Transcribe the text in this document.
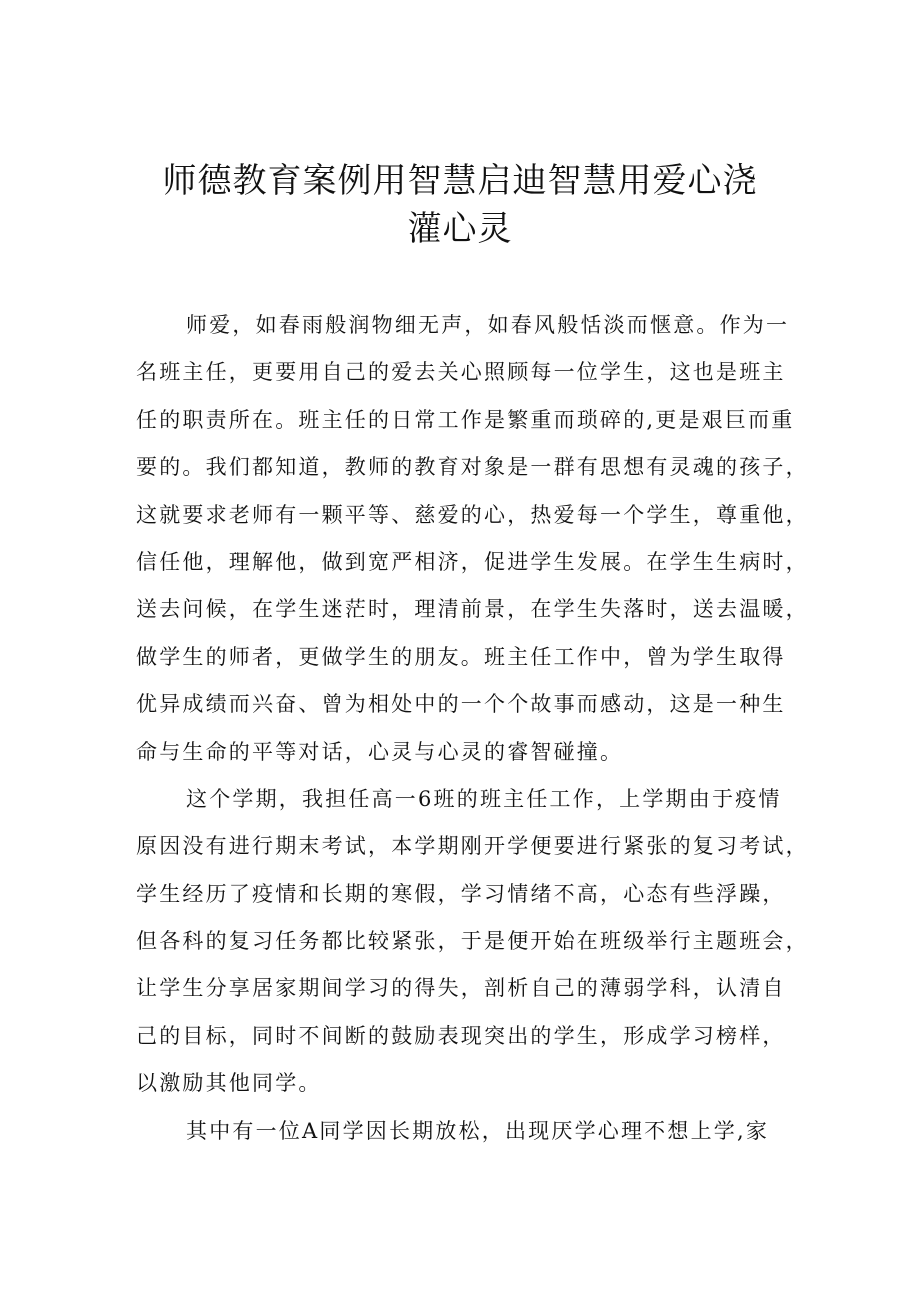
师德教育案例用智慧启迪智慧用爱心浇
灌心灵
师爱，如春雨般润物细无声，如春风般恬淡而惬意。作为一
名班主任，更要用自己的爱去关心照顾每一位学生，这也是班主
任的职责所在。班主任的日常工作是繁重而琐碎的,更是艰巨而重
要的。我们都知道，教师的教育对象是一群有思想有灵魂的孩子，
这就要求老师有一颗平等、慈爱的心，热爱每一个学生，尊重他，
信任他，理解他，做到宽严相济，促进学生发展。在学生生病时，
送去问候，在学生迷茫时，理清前景，在学生失落时，送去温暖，
做学生的师者，更做学生的朋友。班主任工作中，曾为学生取得
优异成绩而兴奋、曾为相处中的一个个故事而感动，这是一种生
命与生命的平等对话，心灵与心灵的睿智碰撞。
这个学期，我担任高一6班的班主任工作，上学期由于疫情
原因没有进行期末考试，本学期刚开学便要进行紧张的复习考试，
学生经历了疫情和长期的寒假，学习情绪不高，心态有些浮躁，
但各科的复习任务都比较紧张，于是便开始在班级举行主题班会，
让学生分享居家期间学习的得失，剖析自己的薄弱学科，认清自
己的目标，同时不间断的鼓励表现突出的学生，形成学习榜样，
以激励其他同学。
其中有一位A同学因长期放松，出现厌学心理不想上学,家
